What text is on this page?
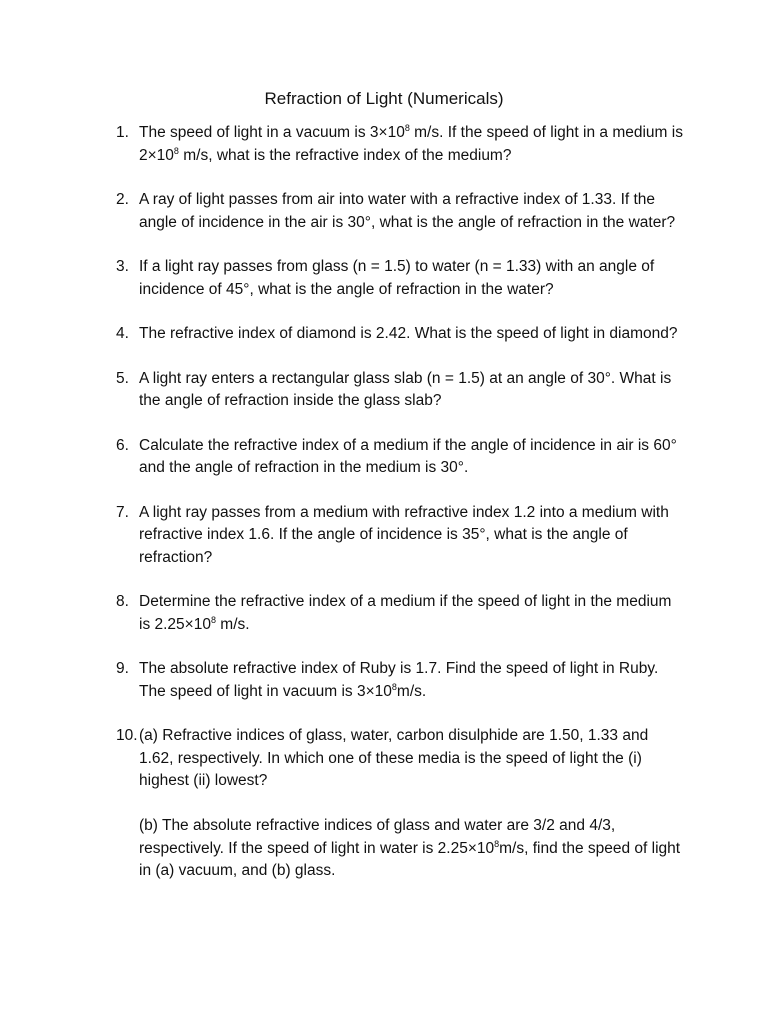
Refraction of Light (Numericals)
1. The speed of light in a vacuum is $3\times 10^8$ m/s. If the speed of light in a medium is $2\times 10^8$ m/s, what is the refractive index of the medium?

2. A ray of light passes from air into water with a refractive index of 1.33. If the angle of incidence in the air is 30°, what is the angle of refraction in the water?

3. If a light ray passes from glass (n = 1.5) to water (n = 1.33) with an angle of incidence of 45°, what is the angle of refraction in the water?

4. The refractive index of diamond is 2.42. What is the speed of light in diamond?

5. A light ray enters a rectangular glass slab (n = 1.5) at an angle of 30°. What is the angle of refraction inside the glass slab?

6. Calculate the refractive index of a medium if the angle of incidence in air is 60° and the angle of refraction in the medium is 30°.

7. A light ray passes from a medium with refractive index 1.2 into a medium with refractive index 1.6. If the angle of incidence is 35°, what is the angle of refraction?

8. Determine the refractive index of a medium if the speed of light in the medium is $2.25\times 10^8$ m/s.

9. The absolute refractive index of Ruby is 1.7. Find the speed of light in Ruby. The speed of light in vacuum is $3\times 10^8m/s$.

10. (a) Refractive indices of glass, water, carbon disulphide are 1.50, 1.33 and 1.62, respectively. In which one of these media is the speed of light the (i) highest (ii) lowest?

(b) The absolute refractive indices of glass and water are 3/2 and 4/3, respectively. If the speed of light in water is $2.25\times 10^8m/s$, find the speed of light in (a) vacuum, and (b) glass.
